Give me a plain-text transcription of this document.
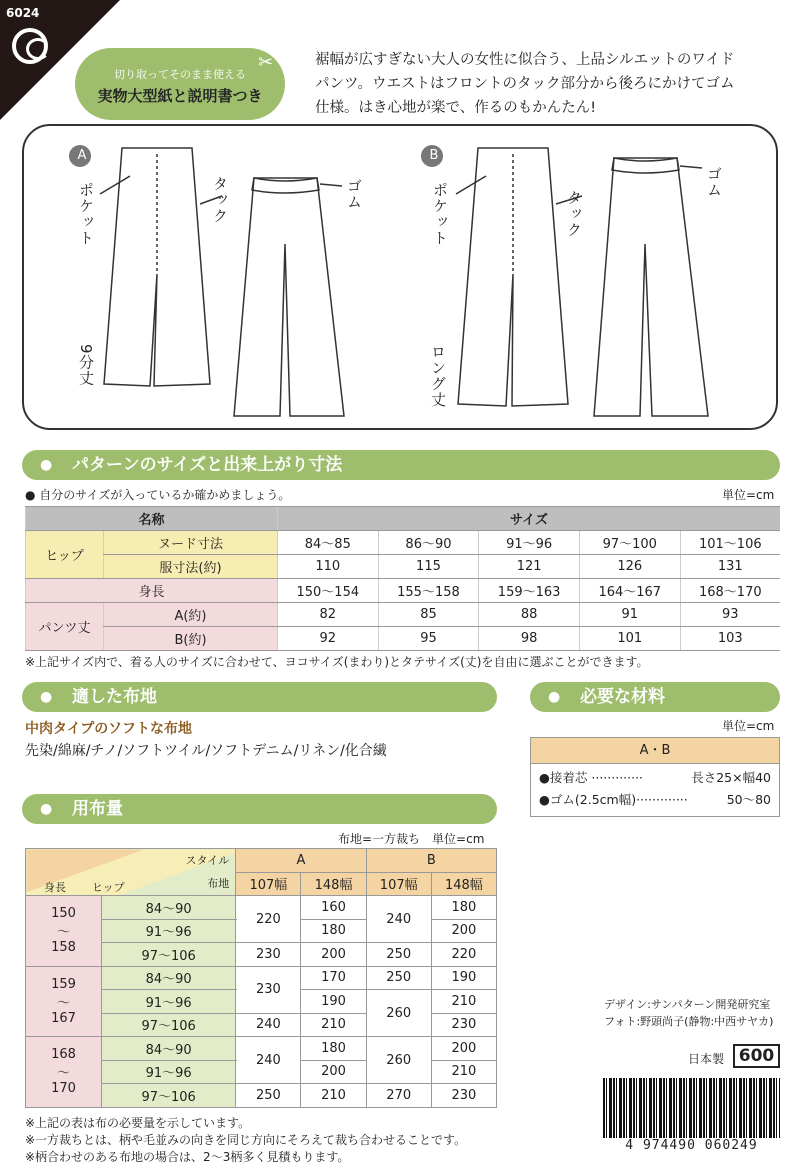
6024
切り取ってそのまま使える
実物大型紙と説明書つき
✂	裾幅が広すぎない大人の女性に似合う、上品シルエットのワイド
パンツ。ウエストはフロントのタック部分から後ろにかけてゴム
仕様。はき心地が楽で、作るのもかんたん!
A	B
ポケット	タック	ゴム
9分丈
ポケット	タック
ゴム
ロング丈
● パターンのサイズと出来上がり寸法
● 自分のサイズが入っているか確かめましょう。	単位=cm
名称		サイズ				
ヒップ	ヌード寸法	84〜85	86〜90	91〜96	97〜100	101〜106
	服寸法(約)	110	115	121	126	131
身長		150〜154	155〜158	159〜163	164〜167	168〜170
パンツ丈	A(約)	82	85	88	91	93
	B(約)	92	95	98	101	103
※上記サイズ内で、着る人のサイズに合わせて、ヨコサイズ(まわり)とタテサイズ(丈)を自由に選ぶことができます。
● 適した布地
中肉タイプのソフトな布地
先染/綿麻/チノ/ソフトツイル/ソフトデニム/リネン/化合繊
● 必要な材料
単位=cm
A・B
●接着芯 ·············	長さ25×幅40
●ゴム(2.5cm幅)·············	50〜80
● 用布量
布地=一方裁ち　単位=cm
スタイル
布地
身長 ヒップ		A		B	
		107幅	148幅	107幅	148幅
150
〜
158	84〜90	220	160	240	180
	91〜96		180		200
	97〜106	230	200	250	220
159
〜
167	84〜90	230	170	250	190
	91〜96		190	260	210
	97〜106	240	210		230
168
〜
170	84〜90	240	180	260	200
	91〜96		200		210
	97〜106	250	210	270	230
※上記の表は布の必要量を示しています。
※一方裁ちとは、柄や毛並みの向きを同じ方向にそろえて裁ち合わせることです。
※柄合わせのある布地の場合は、2〜3柄多く見積もります。
デザイン:サンパターン開発研究室
フォト:野頭尚子(静物:中西サヤカ)
日本製 600
4 974490 060249
